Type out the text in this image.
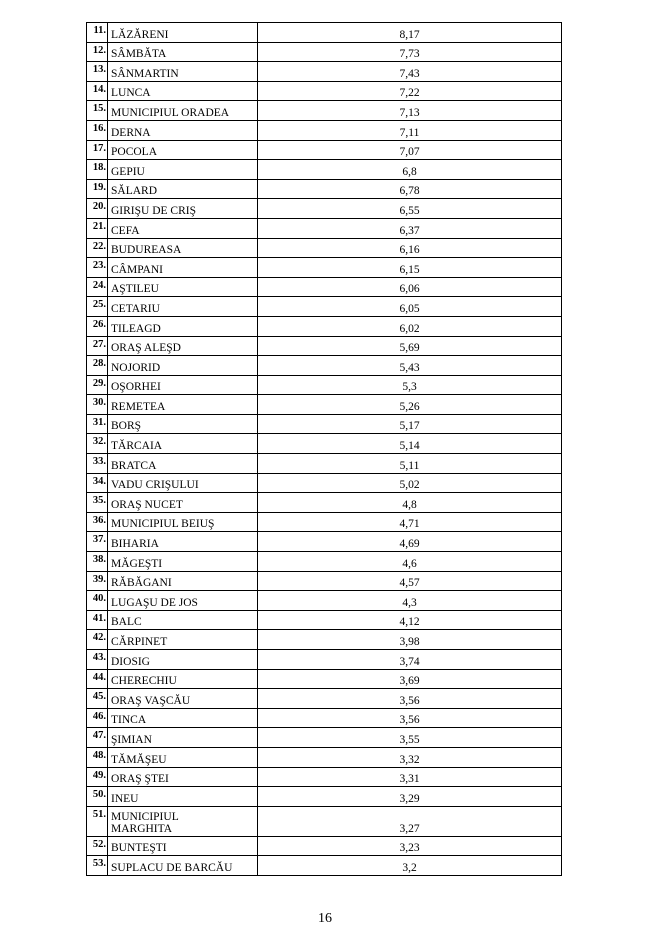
11.	LĂZĂRENI	8,17
12.	SÂMBĂTA	7,73
13.	SÂNMARTIN	7,43
14.	LUNCA	7,22
15.	MUNICIPIUL ORADEA	7,13
16.	DERNA	7,11
17.	POCOLA	7,07
18.	GEPIU	6,8
19.	SĂLARD	6,78
20.	GIRIŞU DE CRIŞ	6,55
21.	CEFA	6,37
22.	BUDUREASA	6,16
23.	CÂMPANI	6,15
24.	AŞTILEU	6,06
25.	CETARIU	6,05
26.	TILEAGD	6,02
27.	ORAŞ ALEŞD	5,69
28.	NOJORID	5,43
29.	OŞORHEI	5,3
30.	REMETEA	5,26
31.	BORŞ	5,17
32.	TĂRCAIA	5,14
33.	BRATCA	5,11
34.	VADU CRIŞULUI	5,02
35.	ORAŞ NUCET	4,8
36.	MUNICIPIUL BEIUŞ	4,71
37.	BIHARIA	4,69
38.	MĂGEŞTI	4,6
39.	RĂBĂGANI	4,57
40.	LUGAŞU DE JOS	4,3
41.	BALC	4,12
42.	CĂRPINET	3,98
43.	DIOSIG	3,74
44.	CHERECHIU	3,69
45.	ORAŞ VAŞCĂU	3,56
46.	TINCA	3,56
47.	ŞIMIAN	3,55
48.	TĂMĂŞEU	3,32
49.	ORAŞ ŞTEI	3,31
50.	INEU	3,29
51.	MUNICIPIUL
MARGHITA	3,27
52.	BUNTEŞTI	3,23
53.	SUPLACU DE BARCĂU	3,2
16
